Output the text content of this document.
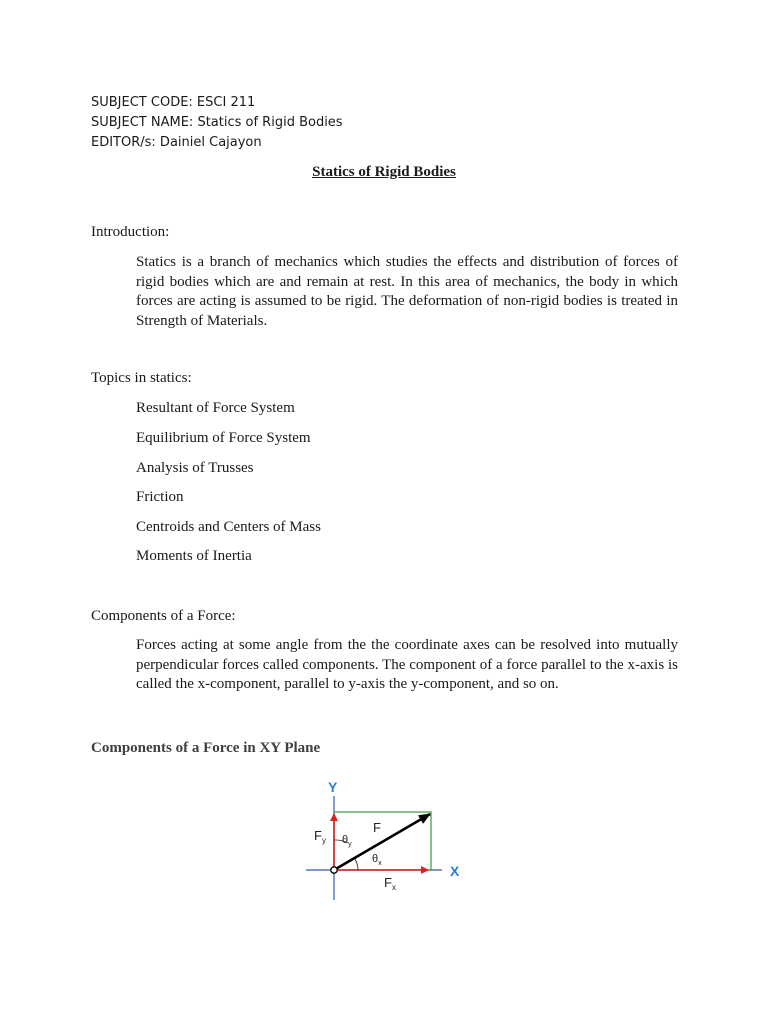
SUBJECT CODE: ESCI 211
SUBJECT NAME: Statics of Rigid Bodies
EDITOR/s: Dainiel Cajayon
Statics of Rigid Bodies
Introduction:
Statics is a branch of mechanics which studies the effects and distribution of forces of rigid bodies which are and remain at rest. In this area of mechanics, the body in which forces are acting is assumed to be rigid. The deformation of non-rigid bodies is treated in Strength of Materials.
Topics in statics:
Resultant of Force System
Equilibrium of Force System
Analysis of Trusses
Friction
Centroids and Centers of Mass
Moments of Inertia
Components of a Force:
Forces acting at some angle from the the coordinate axes can be resolved into mutually perpendicular forces called components. The component of a force parallel to the x-axis is called the x-component, parallel to y-axis the y-component, and so on.
Components of a Force in XY Plane
Y
X
F
$F_y$
$F_x$
$\theta_y$
$\theta_x$
